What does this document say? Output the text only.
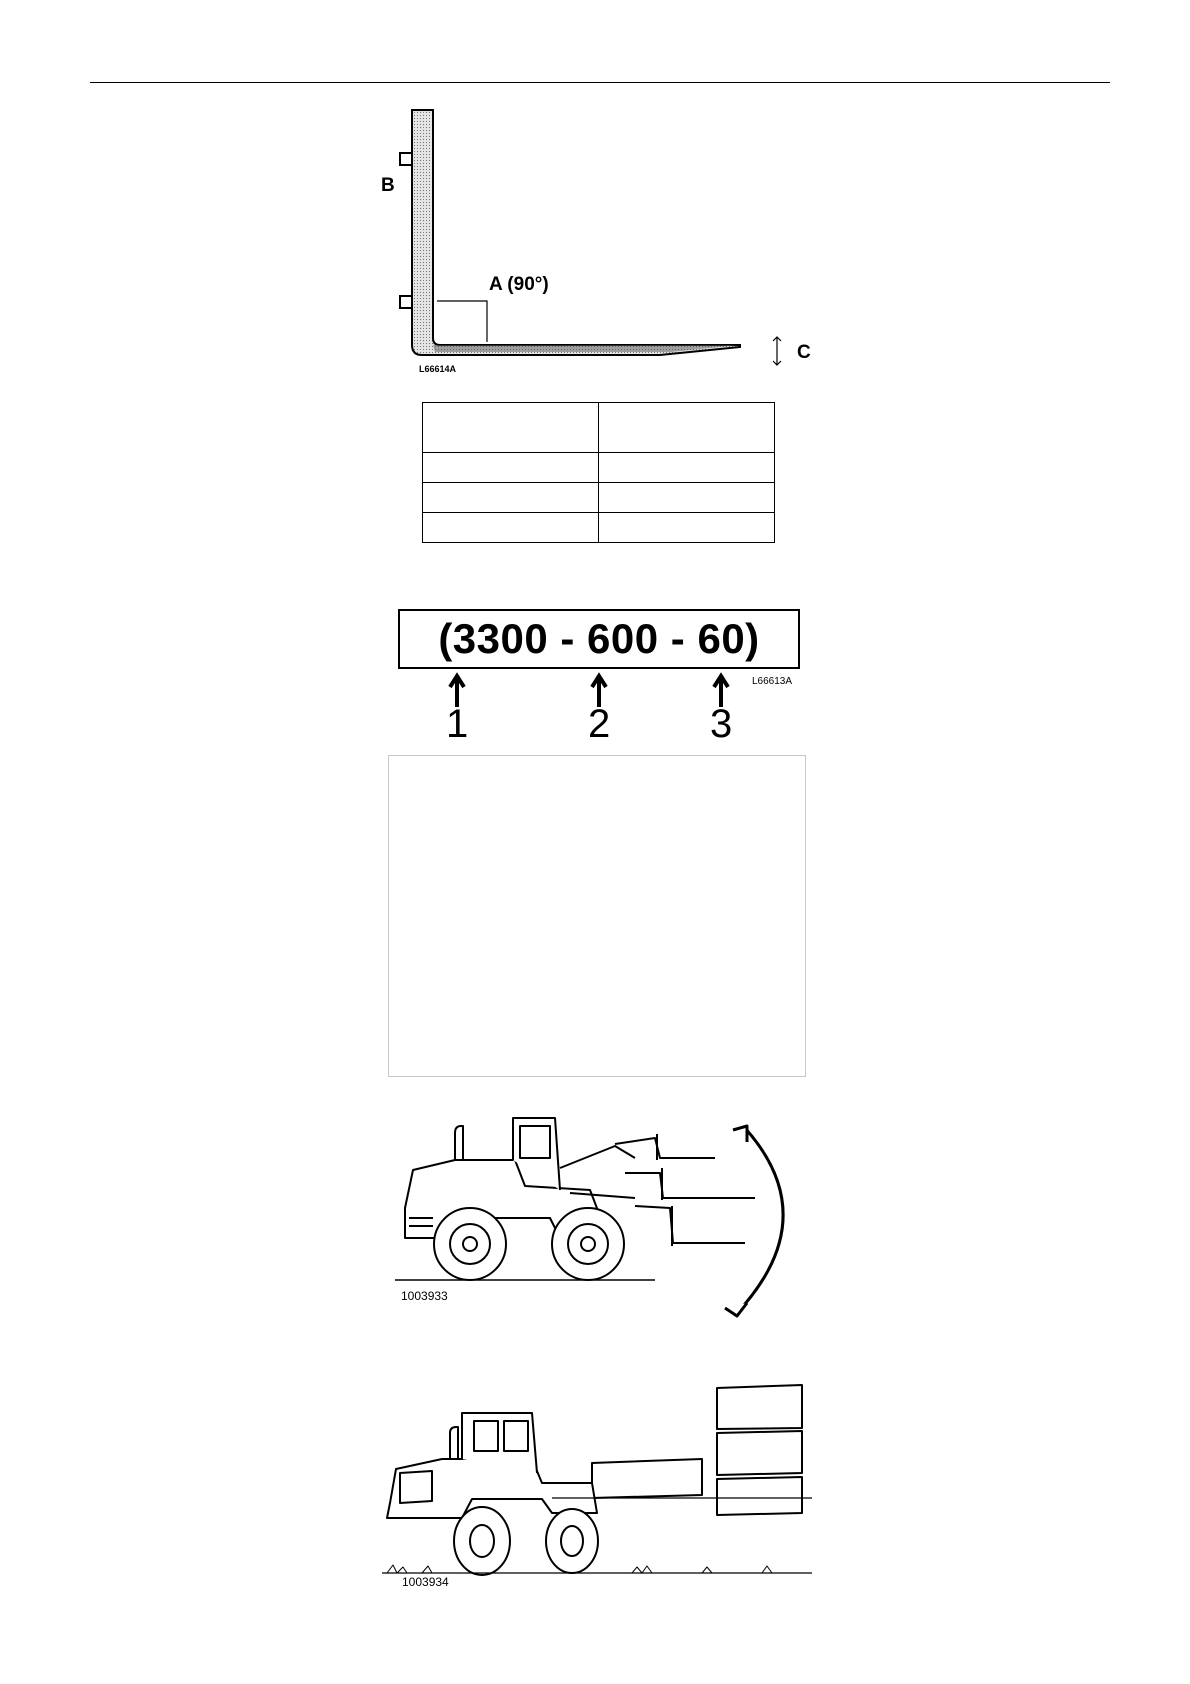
B
A (90°)
C
L66614A

(3300 - 600 - 60)
1	2 3
L66613A
1003933
1003934
